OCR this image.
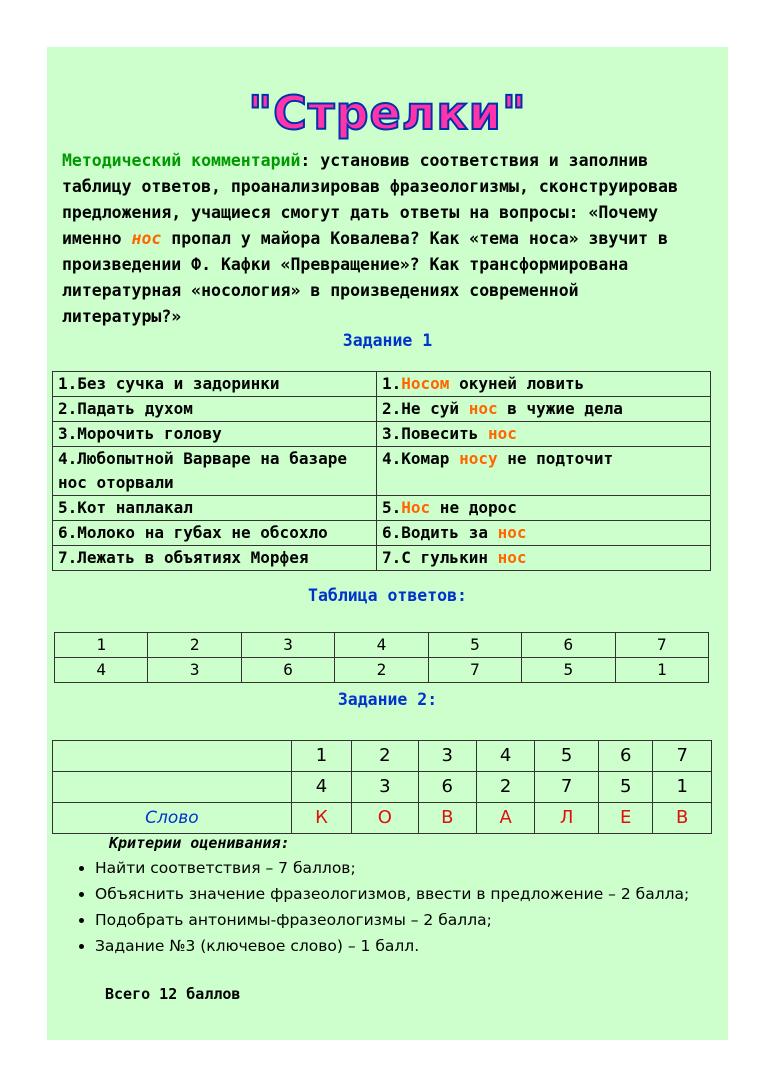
"Стрелки"
Методический комментарий: установив соответствия и заполнив таблицу ответов, проанализировав фразеологизмы, сконструировав предложения, учащиеся смогут дать ответы на вопросы: «Почему именно нос пропал у майора Ковалева? Как «тема носа» звучит в произведении Ф. Кафки «Превращение»? Как трансформирована литературная «носология» в произведениях современной литературы?»
Задание 1
1.Без сучка и задоринки	1.Носом окуней ловить
2.Падать духом	2.Не суй нос в чужие дела
3.Морочить голову	3.Повесить нос
4.Любопытной Варваре на базаре нос оторвали	4.Комар носу не подточит
5.Кот наплакал	5.Нос не дорос
6.Молоко на губах не обсохло	6.Водить за нос
7.Лежать в объятиях Морфея	7.С гулькин нос
Таблица ответов:
1	2	3	4	5	6	7
4	3	6	2	7	5	1
Задание 2:
	1	2	3	4	5	6	7
	4	3	6	2	7	5	1
Слово	К	О	В	А	Л	Е	В
Критерии оценивания:
• Найти соответствия – 7 баллов;
• Объяснить значение фразеологизмов, ввести в предложение – 2 балла;
• Подобрать антонимы-фразеологизмы – 2 балла;
• Задание №3 (ключевое слово) – 1 балл.
Всего 12 баллов
